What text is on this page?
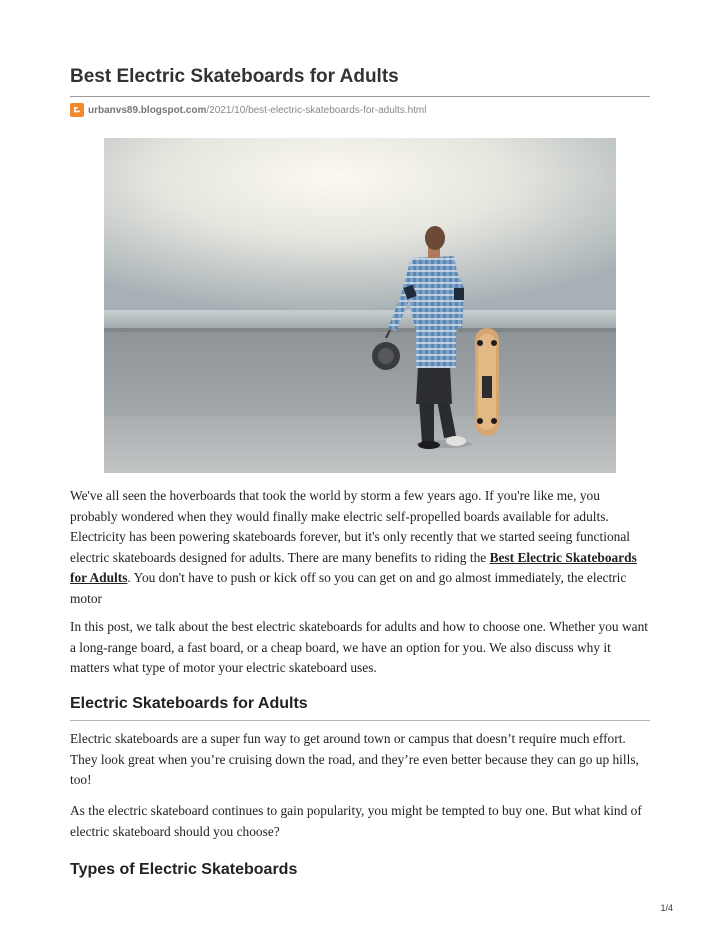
Best Electric Skateboards for Adults
urbanvs89.blogspot.com /2021/10/best-electric-skateboards-for-adults.html

We've all seen the hoverboards that took the world by storm a few years ago. If you're like me, you probably wondered when they would finally make electric self-propelled boards available for adults. Electricity has been powering skateboards forever, but it's only recently that we started seeing functional electric skateboards designed for adults. There are many benefits to riding the Best Electric Skateboards for Adults. You don't have to push or kick off so you can get on and go almost immediately, the electric motor

In this post, we talk about the best electric skateboards for adults and how to choose one. Whether you want a long-range board, a fast board, or a cheap board, we have an option for you. We also discuss why it matters what type of motor your electric skateboard uses.

Electric Skateboards for Adults

Electric skateboards are a super fun way to get around town or campus that doesn’t require much effort. They look great when you’re cruising down the road, and they’re even better because they can go up hills, too!

As the electric skateboard continues to gain popularity, you might be tempted to buy one. But what kind of electric skateboard should you choose?

Types of Electric Skateboards
1/4
